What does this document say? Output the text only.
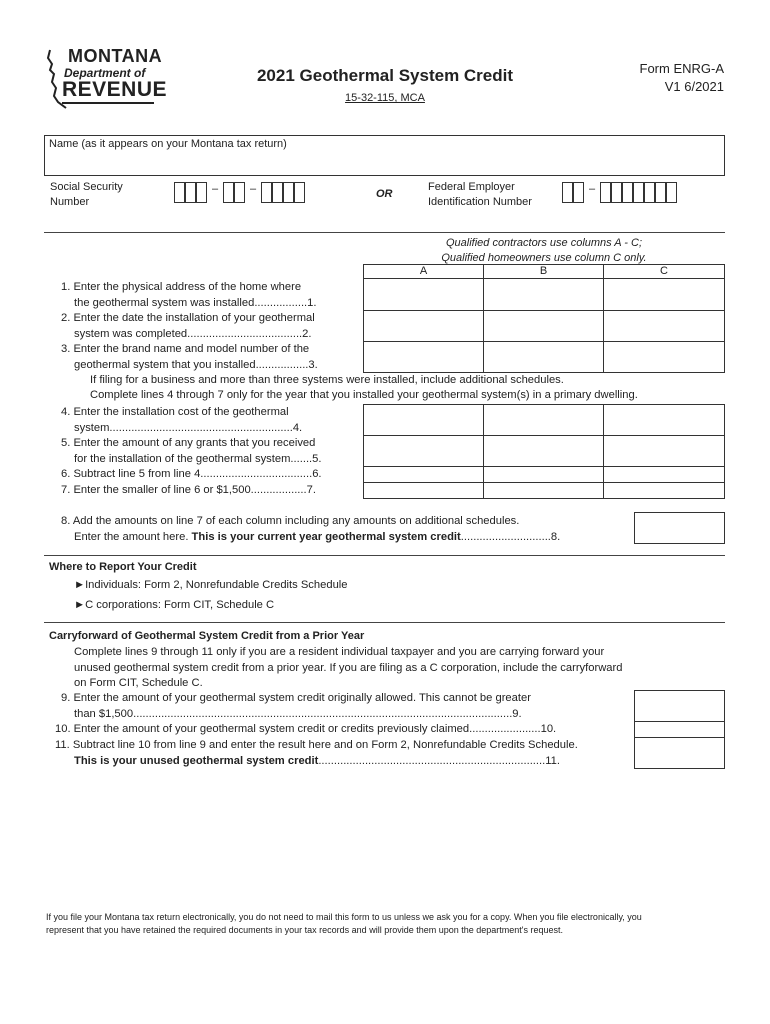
MONTANA
Department of
REVENUE
2021 Geothermal System Credit
15-32-115, MCA
Form ENRG-A
V1 6/2021
Name (as it appears on your Montana tax return)
Social Security
Number
–	–	OR
Federal Employer
Identification Number
–
Qualified contractors use columns A - C;
Qualified homeowners use column C only.
A	B	C
1. Enter the physical address of the home where
the geothermal system was installed.................1.
2. Enter the date the installation of your geothermal
system was completed.....................................2.
3. Enter the brand name and model number of the
geothermal system that you installed.................3.
If filing for a business and more than three systems were installed, include additional schedules.
Complete lines 4 through 7 only for the year that you installed your geothermal system(s) in a primary dwelling.
4. Enter the installation cost of the geothermal
system...........................................................4.
5. Enter the amount of any grants that you received
for the installation of the geothermal system.......5.
6. Subtract line 5 from line 4....................................6.
7. Enter the smaller of line 6 or $1,500..................7.
8. Add the amounts on line 7 of each column including any amounts on additional schedules.
Enter the amount here. This is your current year geothermal system credit.............................8.
Where to Report Your Credit
►Individuals: Form 2, Nonrefundable Credits Schedule
►C corporations: Form CIT, Schedule C
Carryforward of Geothermal System Credit from a Prior Year
Complete lines 9 through 11 only if you are a resident individual taxpayer and you are carrying forward your
unused geothermal system credit from a prior year. If you are filing as a C corporation, include the carryforward
on Form CIT, Schedule C.
9. Enter the amount of your geothermal system credit originally allowed. This cannot be greater
than $1,500..........................................................................................................................9.
10. Enter the amount of your geothermal system credit or credits previously claimed.......................10.
11. Subtract line 10 from line 9 and enter the result here and on Form 2, Nonrefundable Credits Schedule.
This is your unused geothermal system credit.........................................................................11.
If you file your Montana tax return electronically, you do not need to mail this form to us unless we ask you for a copy. When you file electronically, you
represent that you have retained the required documents in your tax records and will provide them upon the department's request.
